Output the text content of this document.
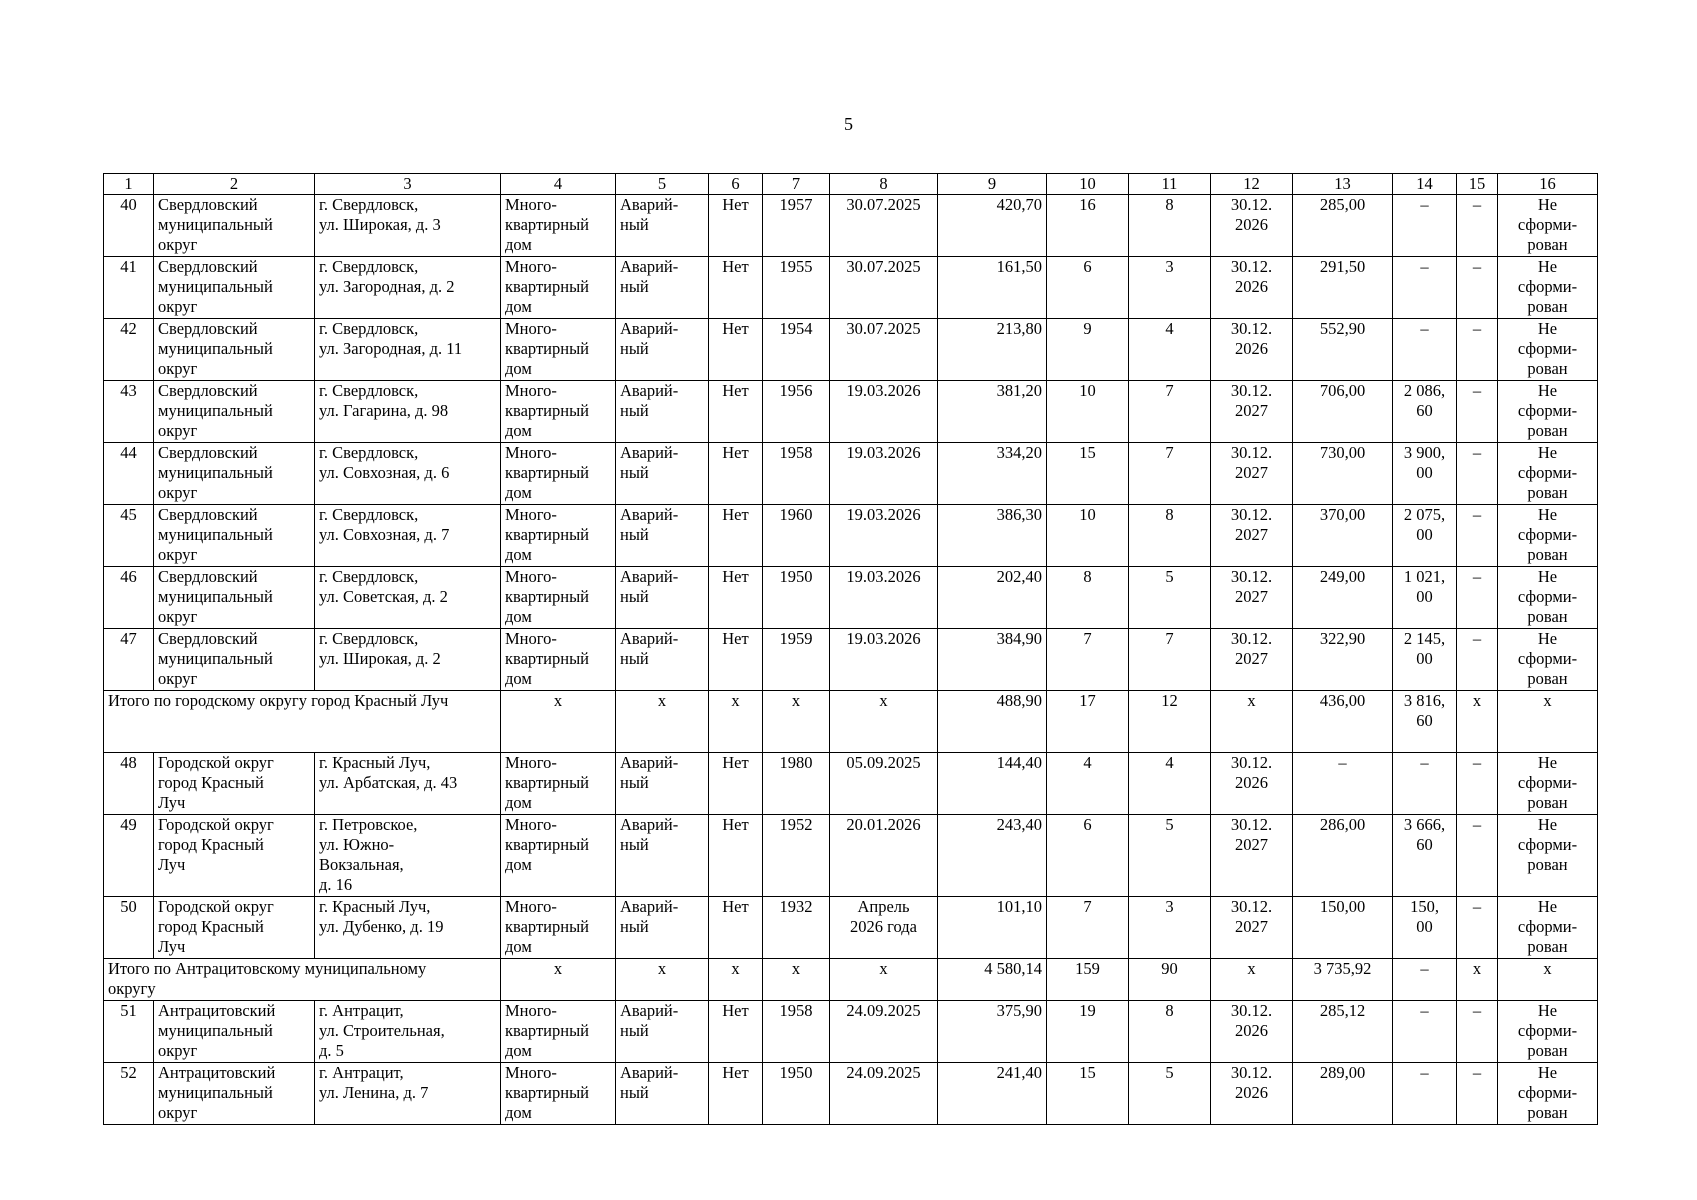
5
1	2	3	4	5	6	7	8	9	10	11	12	13	14	15	16
40	Свердловский
муниципальный
округ	г. Свердловск,
ул. Широкая, д. 3	Много-
квартирный
дом	Аварий-
ный	Нет	1957	30.07.2025	420,70	16	8	30.12.
2026	285,00	–	–	Не
сформи-
рован
41	Свердловский
муниципальный
округ	г. Свердловск,
ул. Загородная, д. 2	Много-
квартирный
дом	Аварий-
ный	Нет	1955	30.07.2025	161,50	6	3	30.12.
2026	291,50	–	–	Не
сформи-
рован
42	Свердловский
муниципальный
округ	г. Свердловск,
ул. Загородная, д. 11	Много-
квартирный
дом	Аварий-
ный	Нет	1954	30.07.2025	213,80	9	4	30.12.
2026	552,90	–	–	Не
сформи-
рован
43	Свердловский
муниципальный
округ	г. Свердловск,
ул. Гагарина, д. 98	Много-
квартирный
дом	Аварий-
ный	Нет	1956	19.03.2026	381,20	10	7	30.12.
2027	706,00	2 086,
60	–	Не
сформи-
рован
44	Свердловский
муниципальный
округ	г. Свердловск,
ул. Совхозная, д. 6	Много-
квартирный
дом	Аварий-
ный	Нет	1958	19.03.2026	334,20	15	7	30.12.
2027	730,00	3 900,
00	–	Не
сформи-
рован
45	Свердловский
муниципальный
округ	г. Свердловск,
ул. Совхозная, д. 7	Много-
квартирный
дом	Аварий-
ный	Нет	1960	19.03.2026	386,30	10	8	30.12.
2027	370,00	2 075,
00	–	Не
сформи-
рован
46	Свердловский
муниципальный
округ	г. Свердловск,
ул. Советская, д. 2	Много-
квартирный
дом	Аварий-
ный	Нет	1950	19.03.2026	202,40	8	5	30.12.
2027	249,00	1 021,
00	–	Не
сформи-
рован
47	Свердловский
муниципальный
округ	г. Свердловск,
ул. Широкая, д. 2	Много-
квартирный
дом	Аварий-
ный	Нет	1959	19.03.2026	384,90	7	7	30.12.
2027	322,90	2 145,
00	–	Не
сформи-
рован
Итого по городскому округу город Красный Луч			x	x	x	x	x	488,90	17	12	x	436,00	3 816,
60	x	x
48	Городской округ
город Красный
Луч	г. Красный Луч,
ул. Арбатская, д. 43	Много-
квартирный
дом	Аварий-
ный	Нет	1980	05.09.2025	144,40	4	4	30.12.
2026	–	–	–	Не
сформи-
рован
49	Городской округ
город Красный
Луч	г. Петровское,
ул. Южно-
Вокзальная,
д. 16	Много-
квартирный
дом	Аварий-
ный	Нет	1952	20.01.2026	243,40	6	5	30.12.
2027	286,00	3 666,
60	–	Не
сформи-
рован
50	Городской округ
город Красный
Луч	г. Красный Луч,
ул. Дубенко, д. 19	Много-
квартирный
дом	Аварий-
ный	Нет	1932	Апрель
2026 года	101,10	7	3	30.12.
2027	150,00	150,
00	–	Не
сформи-
рован
Итого по Антрацитовскому муниципальному
округу			x	x	x	x	x	4 580,14	159	90	x	3 735,92	–	x	x
51	Антрацитовский
муниципальный
округ	г. Антрацит,
ул. Строительная,
д. 5	Много-
квартирный
дом	Аварий-
ный	Нет	1958	24.09.2025	375,90	19	8	30.12.
2026	285,12	–	–	Не
сформи-
рован
52	Антрацитовский
муниципальный
округ	г. Антрацит,
ул. Ленина, д. 7	Много-
квартирный
дом	Аварий-
ный	Нет	1950	24.09.2025	241,40	15	5	30.12.
2026	289,00	–	–	Не
сформи-
рован
